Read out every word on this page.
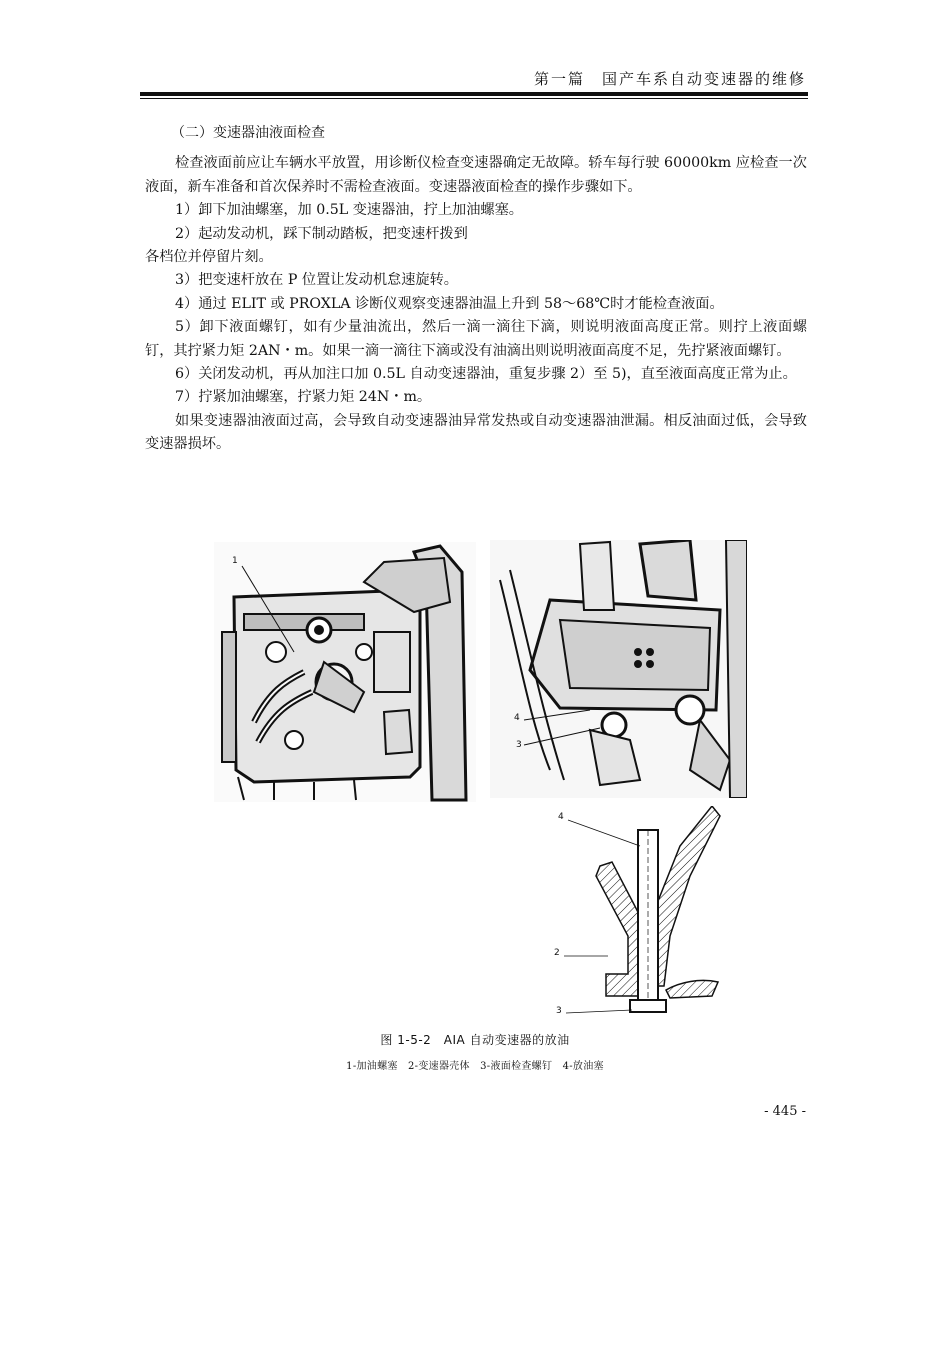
第一篇　国产车系自动变速器的维修

（二）变速器油液面检查

检查液面前应让车辆水平放置，用诊断仪检查变速器确定无故障。轿车每行驶 60000km 应检查一次液面，新车准备和首次保养时不需检查液面。变速器液面检查的操作步骤如下。

1）卸下加油螺塞，加 0.5L 变速器油，拧上加油螺塞。

2）起动发动机，踩下制动踏板，把变速杆拨到

各档位并停留片刻。

3）把变速杆放在 P 位置让发动机怠速旋转。

4）通过 ELIT 或 PROXLA 诊断仪观察变速器油温上升到 58～68℃时才能检查液面。

5）卸下液面螺钉，如有少量油流出，然后一滴一滴往下滴，则说明液面高度正常。则拧上液面螺钉，其拧紧力矩 2AN・m。如果一滴一滴往下滴或没有油滴出则说明液面高度不足，先拧紧液面螺钉。

6）关闭发动机，再从加注口加 0.5L 自动变速器油，重复步骤 2）至 5)，直至液面高度正常为止。

7）拧紧加油螺塞，拧紧力矩 24N・m。

如果变速器油液面过高，会导致自动变速器油异常发热或自动变速器油泄漏。相反油面过低，会导致变速器损坏。

1
4
3
4
2
3
图 1-5-2　AIA 自动变速器的放油
1-加油螺塞　2-变速器壳体　3-液面检查螺钉　4-放油塞
- 445 -
